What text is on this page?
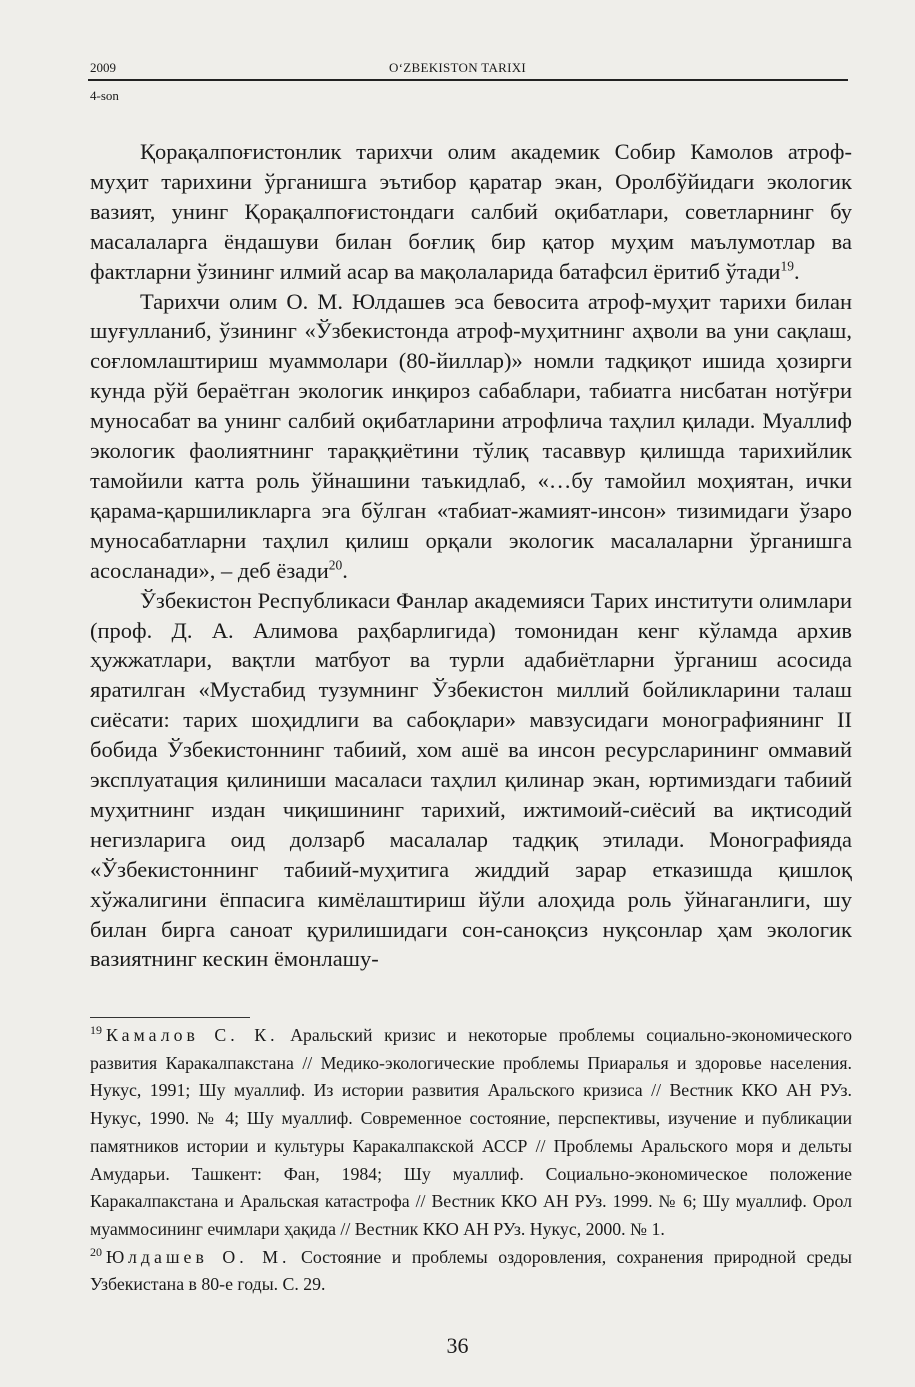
2009	O‘ZBEKISTON TARIXI
4-son

Қорақалпоғистонлик тарихчи олим академик Собир Камолов атроф-муҳит тарихини ўрганишга эътибор қаратар экан, Оролбўйидаги экологик вазият, унинг Қорақалпоғистондаги салбий оқибатлари, советларнинг бу масалаларга ёндашуви билан боғлиқ бир қатор муҳим маълумотлар ва фактларни ўзининг илмий асар ва мақолаларида батафсил ёритиб ўтади$^{19}$.

Тарихчи олим О. М. Юлдашев эса бевосита атроф-муҳит тарихи билан шуғулланиб, ўзининг «Ўзбекистонда атроф-муҳитнинг аҳволи ва уни сақлаш, соғломлаштириш муаммолари (80-йиллар)» номли тадқиқот ишида ҳозирги кунда рўй бераётган экологик инқироз сабаблари, табиатга нисбатан нотўғри муносабат ва унинг салбий оқибатларини атрофлича таҳлил қилади. Муаллиф экологик фаолиятнинг тараққиётини тўлиқ тасаввур қилишда тарихийлик тамойили катта роль ўйнашини таъкидлаб, «…бу тамойил моҳиятан, ички қарама-қаршиликларга эга бўлган «табиат-жамият-инсон» тизимидаги ўзаро муносабатларни таҳлил қилиш орқали экологик масалаларни ўрганишга асосланади», – деб ёзади$^{20}$.

Ўзбекистон Республикаси Фанлар академияси Тарих институти олимлари (проф. Д. А. Алимова раҳбарлигида) томонидан кенг кўламда архив ҳужжатлари, вақтли матбуот ва турли адабиётларни ўрганиш асосида яратилган «Мустабид тузумнинг Ўзбекистон миллий бойликларини талаш сиёсати: тарих шоҳидлиги ва сабоқлари» мавзусидаги монографиянинг II бобида Ўзбекистоннинг табиий, хом ашё ва инсон ресурсларининг оммавий эксплуатация қилиниши масаласи таҳлил қилинар экан, юртимиздаги табиий муҳитнинг издан чиқишининг тарихий, ижтимоий-сиёсий ва иқтисодий негизларига оид долзарб масалалар тадқиқ этилади. Монографияда «Ўзбекистоннинг табиий-муҳитига жиддий зарар етказишда қишлоқ хўжалигини ёппасига кимёлаштириш йўли алоҳида роль ўйнаганлиги, шу билан бирга саноат қурилишидаги сон-саноқсиз нуқсонлар ҳам экологик вазиятнинг кескин ёмонлашу-

$^{19}$ Камалов С. К. Аральский кризис и некоторые проблемы социально-экономического развития Каракалпакстана // Медико-экологические проблемы Приаралья и здоровье населения. Нукус, 1991; Шу муаллиф. Из истории развития Аральского кризиса // Вестник ККО АН РУз. Нукус, 1990. № 4; Шу муаллиф. Современное состояние, перспективы, изучение и публикации памятников истории и культуры Каракалпакской АССР // Проблемы Аральского моря и дельты Амударьи. Ташкент: Фан, 1984; Шу муаллиф. Социально-экономическое положение Каракалпакстана и Аральская катастрофа // Вестник ККО АН РУз. 1999. № 6; Шу муаллиф. Орол муаммосининг ечимлари ҳақида // Вестник ККО АН РУз. Нукус, 2000. № 1.

$^{20}$ Юлдашев О. М. Состояние и проблемы оздоровления, сохранения природной среды Узбекистана в 80-е годы. С. 29.

36
